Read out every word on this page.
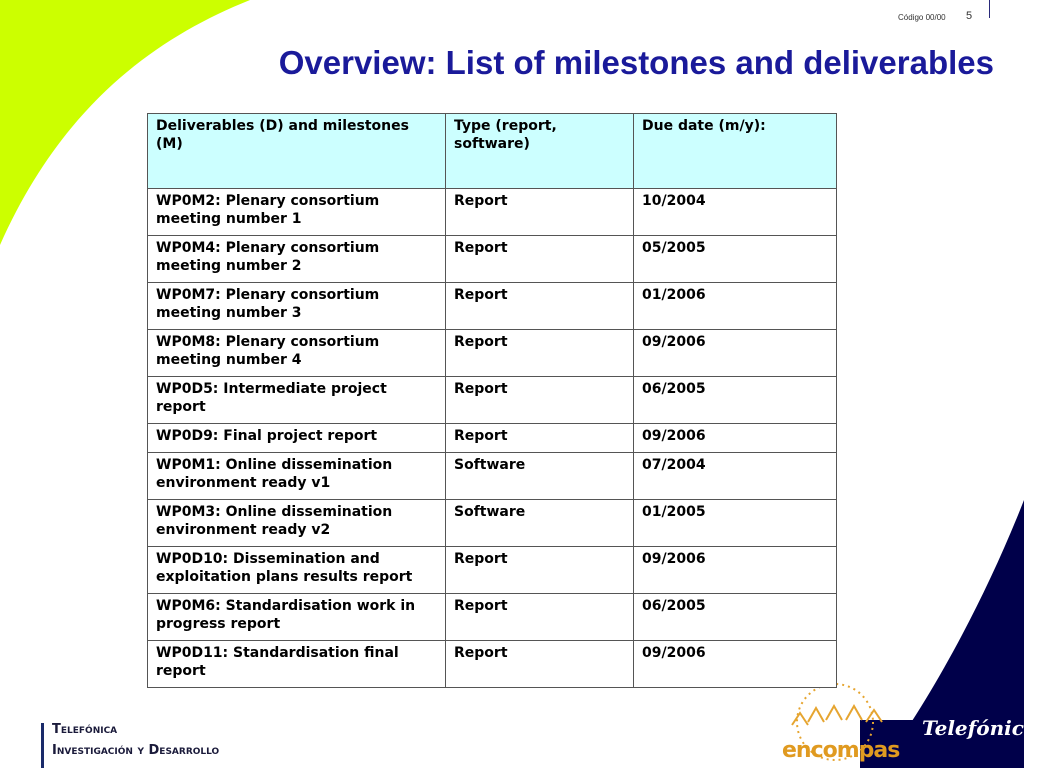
Código 00/00 5
Overview: List of milestones and deliverables
Deliverables (D) and milestones (M)	Type (report, software)	Due date (m/y):
WP0M2: Plenary consortium meeting number 1	Report	10/2004
WP0M4: Plenary consortium meeting number 2	Report	05/2005
WP0M7: Plenary consortium meeting number 3	Report	01/2006
WP0M8: Plenary consortium meeting number 4	Report	09/2006
WP0D5: Intermediate project report	Report	06/2005
WP0D9: Final project report	Report	09/2006
WP0M1: Online dissemination environment ready v1	Software	07/2004
WP0M3: Online dissemination environment ready v2	Software	01/2005
WP0D10: Dissemination and exploitation plans results report	Report	09/2006
WP0M6: Standardisation work in progress report	Report	06/2005
WP0D11: Standardisation final report	Report	09/2006
Telefónica
Investigación y Desarrollo	encompas
Telefónica
